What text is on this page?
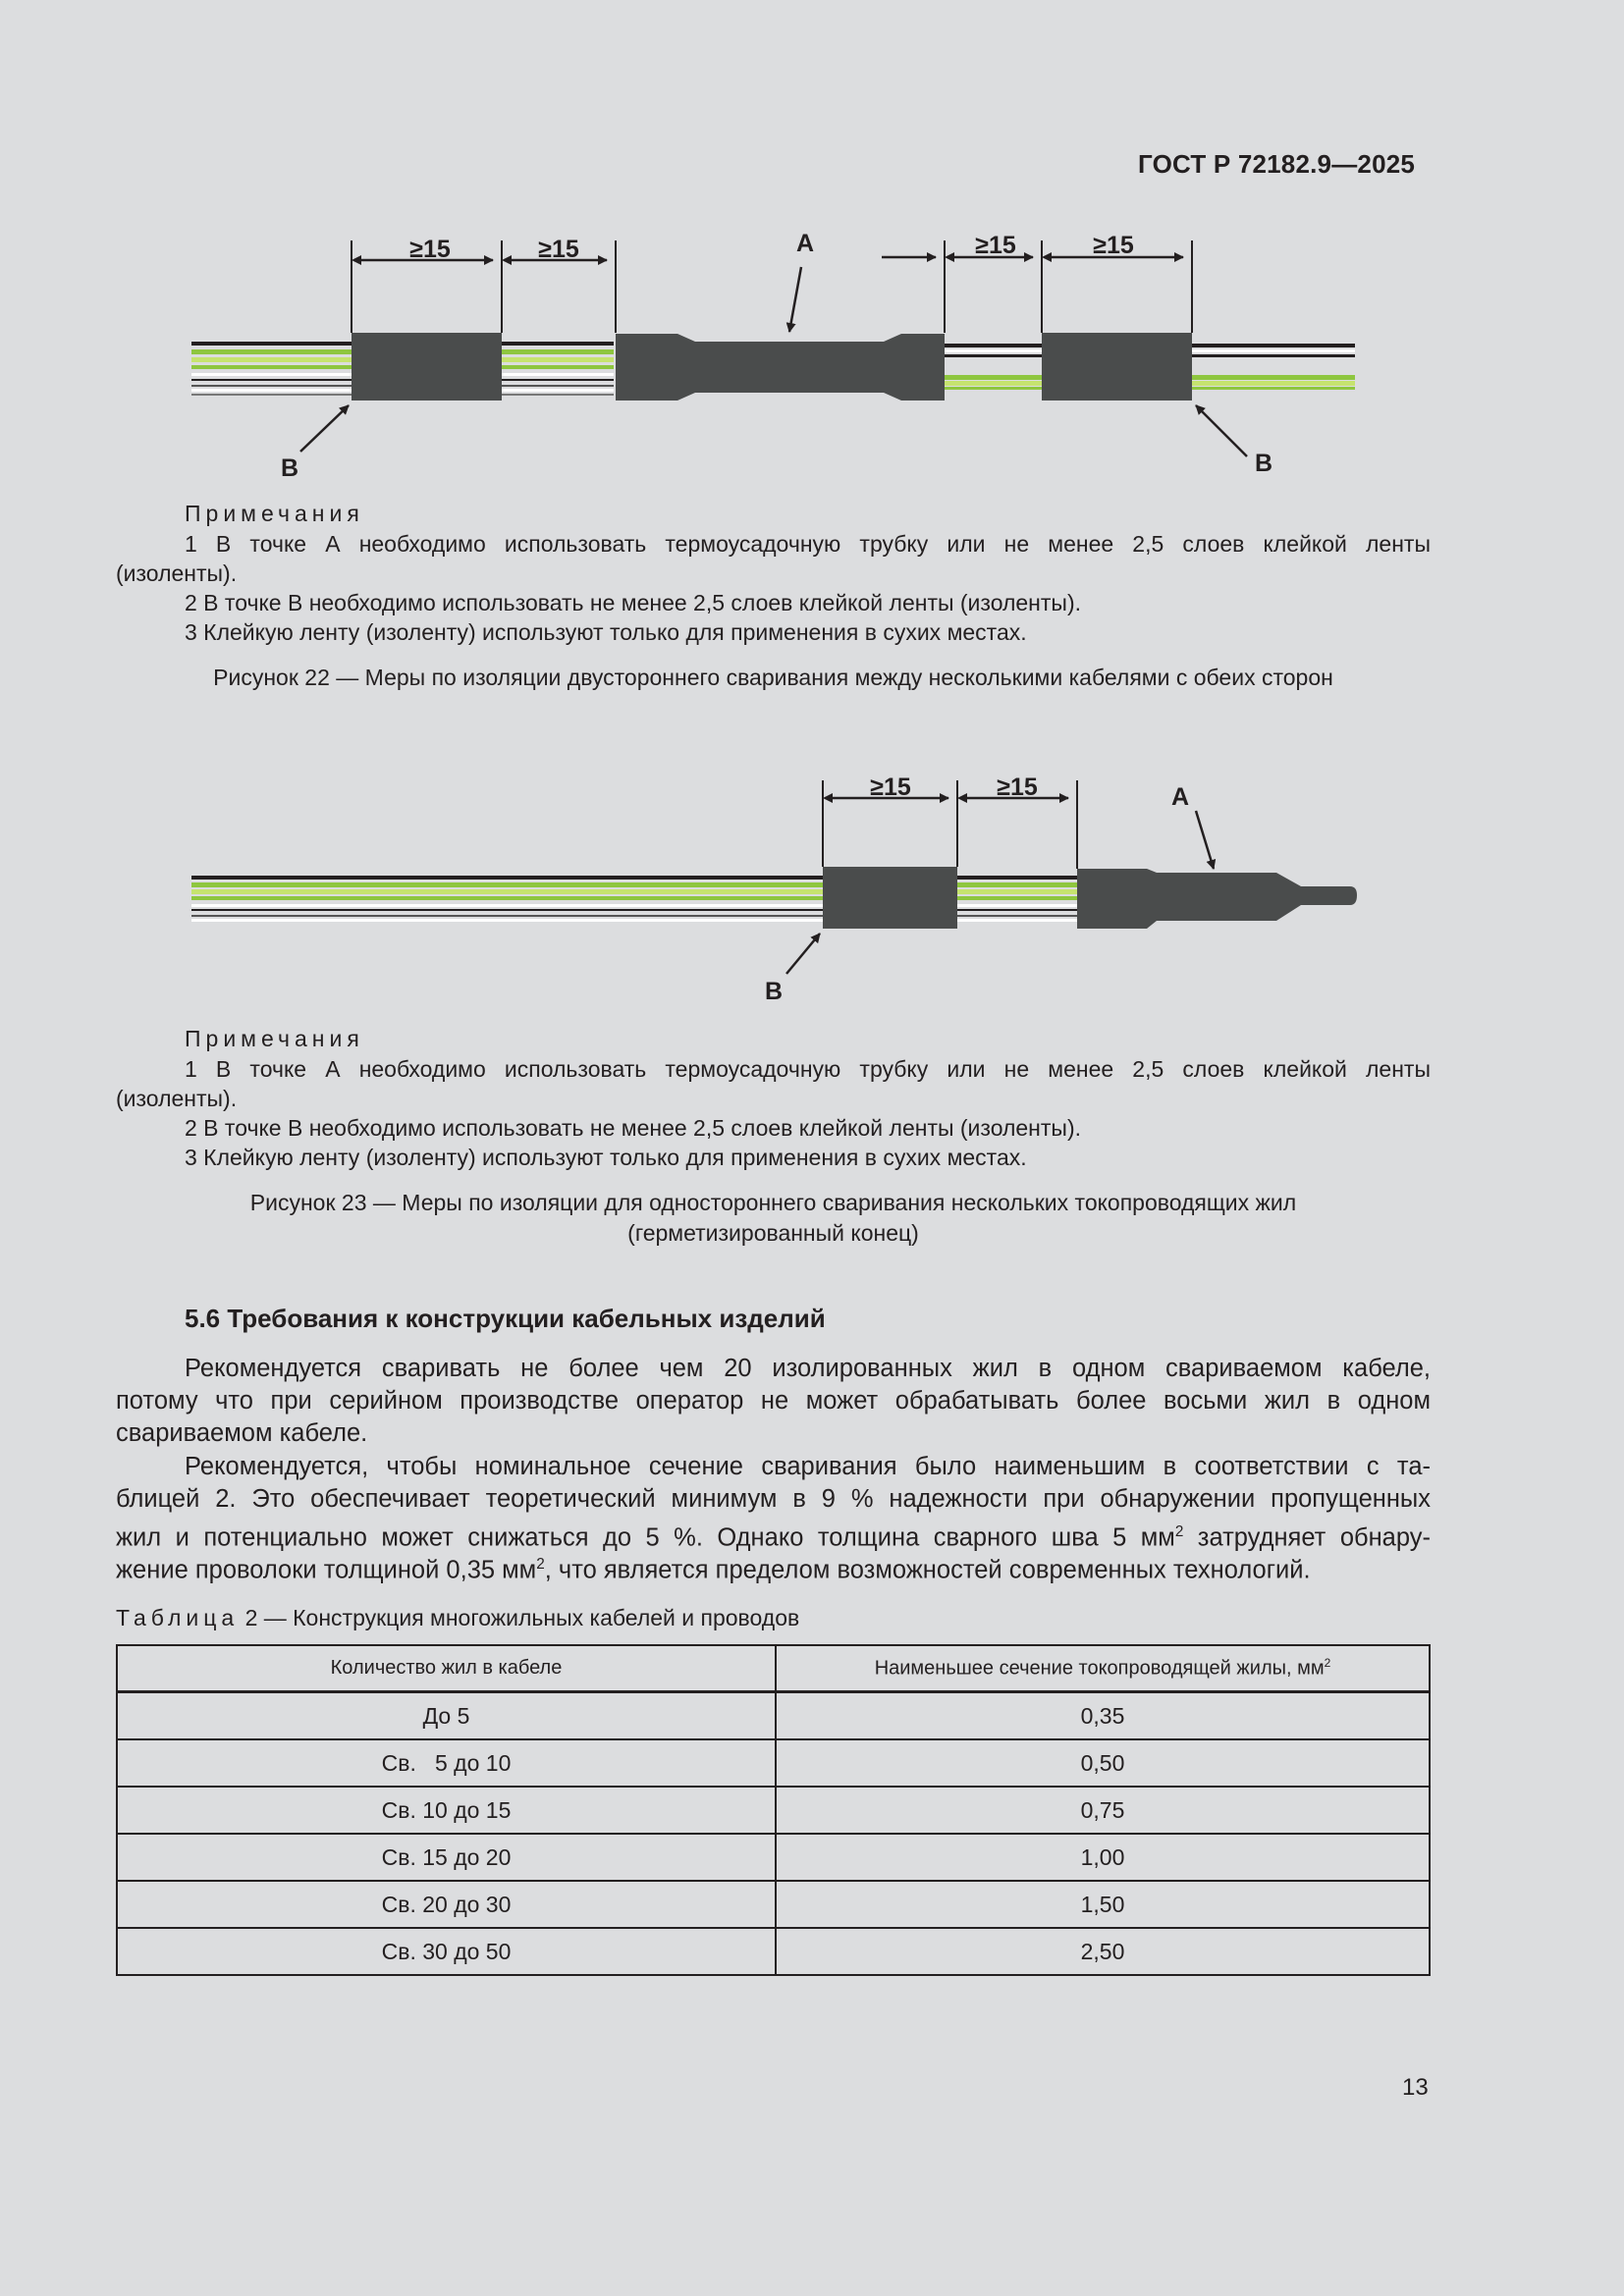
ГОСТ Р 72182.9—2025
≥15	≥15	≥15	≥15
A
B	B
Примечания
1 В точке А необходимо использовать термоусадочную трубку или не менее 2,5 слоев клейкой ленты
(изоленты).
2 В точке В необходимо использовать не менее 2,5 слоев клейкой ленты (изоленты).
3 Клейкую ленту (изоленту) используют только для применения в сухих местах.
Рисунок 22 — Меры по изоляции двустороннего сваривания между несколькими кабелями с обеих сторон
≥15	≥15	A
B
Примечания
1 В точке А необходимо использовать термоусадочную трубку или не менее 2,5 слоев клейкой ленты
(изоленты).
2 В точке В необходимо использовать не менее 2,5 слоев клейкой ленты (изоленты).
3 Клейкую ленту (изоленту) используют только для применения в сухих местах.
Рисунок 23 — Меры по изоляции для одностороннего сваривания нескольких токопроводящих жил
(герметизированный конец)
5.6 Требования к конструкции кабельных изделий
Рекомендуется сваривать не более чем 20 изолированных жил в одном свариваемом кабеле,
потому что при серийном производстве оператор не может обрабатывать более восьми жил в одном
свариваемом кабеле.
Рекомендуется, чтобы номинальное сечение сваривания было наименьшим в соответствии с та-
блицей 2. Это обеспечивает теоретический минимум в 9 % надежности при обнаружении пропущенных
жил и потенциально может снижаться до 5 %. Однако толщина сварного шва 5 $мм^2$ затрудняет обнару-
жение проволоки толщиной 0,35 $мм^2$, что является пределом возможностей современных технологий.
Таблица 2 — Конструкция многожильных кабелей и проводов
Количество жил в кабеле	Наименьшее сечение токопроводящей жилы, $мм^2$
До 5	0,35
Св.   5 до 10	0,50
Св. 10 до 15	0,75
Св. 15 до 20	1,00
Св. 20 до 30	1,50
Св. 30 до 50	2,50
13
